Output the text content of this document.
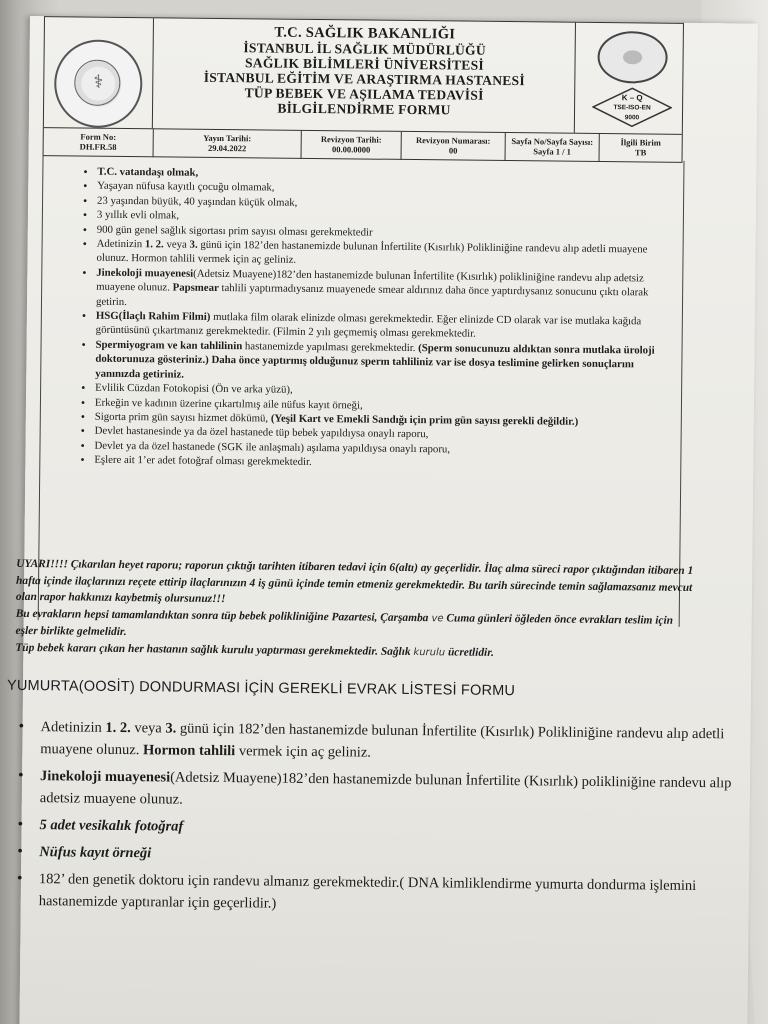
⚕
T.C. SAĞLIK BAKANLIĞI
İSTANBUL İL SAĞLIK MÜDÜRLÜĞÜ
SAĞLIK BİLİMLERİ ÜNİVERSİTESİ
İSTANBUL EĞİTİM VE ARAŞTIRMA HASTANESİ
TÜP BEBEK VE AŞILAMA TEDAVİSİ
BİLGİLENDİRME FORMU
K – Q
TSE-ISO-EN
9000
Form No:
DH.FR.58
Yayın Tarihi:
29.04.2022
Revizyon Tarihi:
00.00.0000
Revizyon Numarası:
00
Sayfa No/Sayfa Sayısı:
Sayfa 1 / 1
İlgili Birim
TB
• T.C. vatandaşı olmak,
• Yaşayan nüfusa kayıtlı çocuğu olmamak,
• 23 yaşından büyük, 40 yaşından küçük olmak,
• 3 yıllık evli olmak,
• 900 gün genel sağlık sigortası prim sayısı olması gerekmektedir
• Adetinizin 1. 2. veya 3. günü için 182’den hastanemizde bulunan İnfertilite (Kısırlık) Polikliniğine randevu alıp adetli muayene olunuz. Hormon tahlili vermek için aç geliniz.
• Jinekoloji muayenesi(Adetsiz Muayene)182’den hastanemizde bulunan İnfertilite (Kısırlık) polikliniğine randevu alıp adetsiz muayene olunuz. Papsmear tahlili yaptırmadıysanız muayenede smear aldırınız daha önce yaptırdıysanız sonucunu çıktı olarak getirin.
• HSG(İlaçlı Rahim Filmi) mutlaka film olarak elinizde olması gerekmektedir. Eğer elinizde CD olarak var ise mutlaka kağıda görüntüsünü çıkartmanız gerekmektedir. (Filmin 2 yılı geçmemiş olması gerekmektedir.
• Spermiyogram ve kan tahlilinin hastanemizde yapılması gerekmektedir. (Sperm sonucunuzu aldıktan sonra mutlaka üroloji doktorunuza gösteriniz.) Daha önce yaptırmış olduğunuz sperm tahliliniz var ise dosya teslimine gelirken sonuçlarını yanınızda getiriniz.
• Evlilik Cüzdan Fotokopisi (Ön ve arka yüzü),
• Erkeğin ve kadının üzerine çıkartılmış aile nüfus kayıt örneği,
• Sigorta prim gün sayısı hizmet dökümü, (Yeşil Kart ve Emekli Sandığı için prim gün sayısı gerekli değildir.)
• Devlet hastanesinde ya da özel hastanede tüp bebek yapıldıysa onaylı raporu,
• Devlet ya da özel hastanede (SGK ile anlaşmalı) aşılama yapıldıysa onaylı raporu,
• Eşlere ait 1’er adet fotoğraf olması gerekmektedir.
UYARI!!!! Çıkarılan heyet raporu; raporun çıktığı tarihten itibaren tedavi için 6(altı) ay geçerlidir. İlaç alma süreci rapor çıktığından itibaren 1 hafta içinde ilaçlarınızı reçete ettirip ilaçlarınızın 4 iş günü içinde temin etmeniz gerekmektedir. Bu tarih sürecinde temin sağlamazsanız mevcut olan rapor hakkınızı kaybetmiş olursunuz!!!
Bu evrakların hepsi tamamlandıktan sonra tüp bebek polikliniğine Pazartesi, Çarşamba ve Cuma günleri öğleden önce evrakları teslim için eşler birlikte gelmelidir.
Tüp bebek kararı çıkan her hastanın sağlık kurulu yaptırması gerekmektedir. Sağlık kurulu ücretlidir.
YUMURTA(OOSİT) DONDURMASI İÇİN GEREKLİ EVRAK LİSTESİ FORMU
• Adetinizin 1. 2. veya 3. günü için 182’den hastanemizde bulunan İnfertilite (Kısırlık) Polikliniğine randevu alıp adetli muayene olunuz. Hormon tahlili vermek için aç geliniz.
• Jinekoloji muayenesi(Adetsiz Muayene)182’den hastanemizde bulunan İnfertilite (Kısırlık) polikliniğine randevu alıp adetsiz muayene olunuz.
• 5 adet vesikalık fotoğraf
• Nüfus kayıt örneği
• 182’ den genetik doktoru için randevu almanız gerekmektedir.( DNA kimliklendirme yumurta dondurma işlemini hastanemizde yaptıranlar için geçerlidir.)
